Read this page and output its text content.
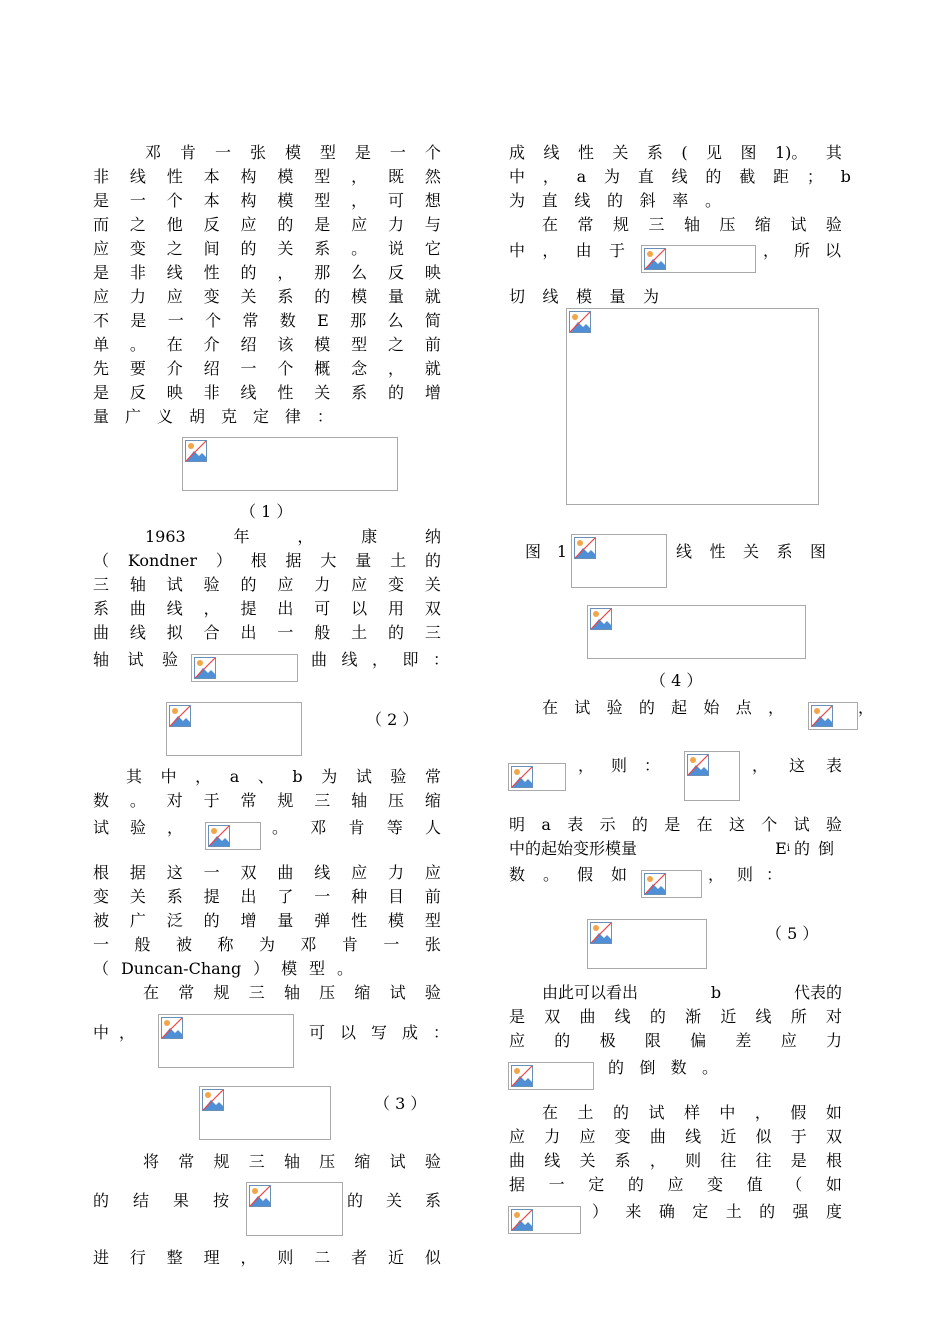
邓 肯 一 张 模 型 是 一 个
非 线 性 本 构 模 型 ， 既 然
是 一 个 本 构 模 型 ， 可 想
而 之 他 反 应 的 是 应 力 与
应 变 之 间 的 关 系 。 说 它
是 非 线 性 的 ， 那 么 反 映
应 力 应 变 关 系 的 模 量 就
不 是 一 个 常 数 E 那 么 简
单 。 在 介 绍 该 模 型 之 前
先 要 介 绍 一 个 概 念 ， 就
是 反 映 非 线 性 关 系 的 增
量 广 义 胡 克 定 律 ：
（ 1 ）
1963	年	，	康	纳
（ Kondner ） 根 据 大 量 土 的
三 轴 试 验 的 应 力 应 变 关
系 曲 线 ， 提 出 可 以 用 双
曲 线 拟 合 出 一 般 土 的 三
轴 试 验	曲 线 ， 即 ：
（ 2 ）
其 中 ， a 、 b 为 试 验 常
数 。 对 于 常 规 三 轴 压 缩
试 验 ，	。 邓 肯 等 人
根 据 这 一 双 曲 线 应 力 应
变 关 系 提 出 了 一 种 目 前
被 广 泛 的 增 量 弹 性 模 型
一 般 被 称 为 邓 肯 一 张
（ Duncan-Chang ） 模 型 。
在 常 规 三 轴 压 缩 试 验
中 ，	可 以 写 成 ：
（ 3 ）
将 常 规 三 轴 压 缩 试 验
的 结 果 按	的 关 系
进 行 整 理 ， 则 二 者 近 似
成 线 性 关 系 ( 见 图 1)。 其
中 ， a 为 直 线 的 截 距 ； b
为 直 线 的 斜 率 。
在 常 规 三 轴 压 缩 试 验
中 ， 由 于	， 所 以
切 线 模 量 为
图 1	线 性 关 系 图
（ 4 ）
在 试 验 的 起 始 点 ，	，
， 则 ：	， 这 表
明 a 表 示 的 是 在 这 个 试 验
中的起始变形模量	E i 的倒
数 。 假 如	， 则 ：
（ 5 ）
由此可以看出	b	代表的
是 双 曲 线 的 渐 近 线 所 对
应 的 极 限 偏 差 应 力
的 倒 数 。
在 土 的 试 样 中 ， 假 如
应 力 应 变 曲 线 近 似 于 双
曲 线 关 系 ， 则 往 往 是 根
据 一 定 的 应 变 值 （ 如
） 来 确 定 土 的 强 度
